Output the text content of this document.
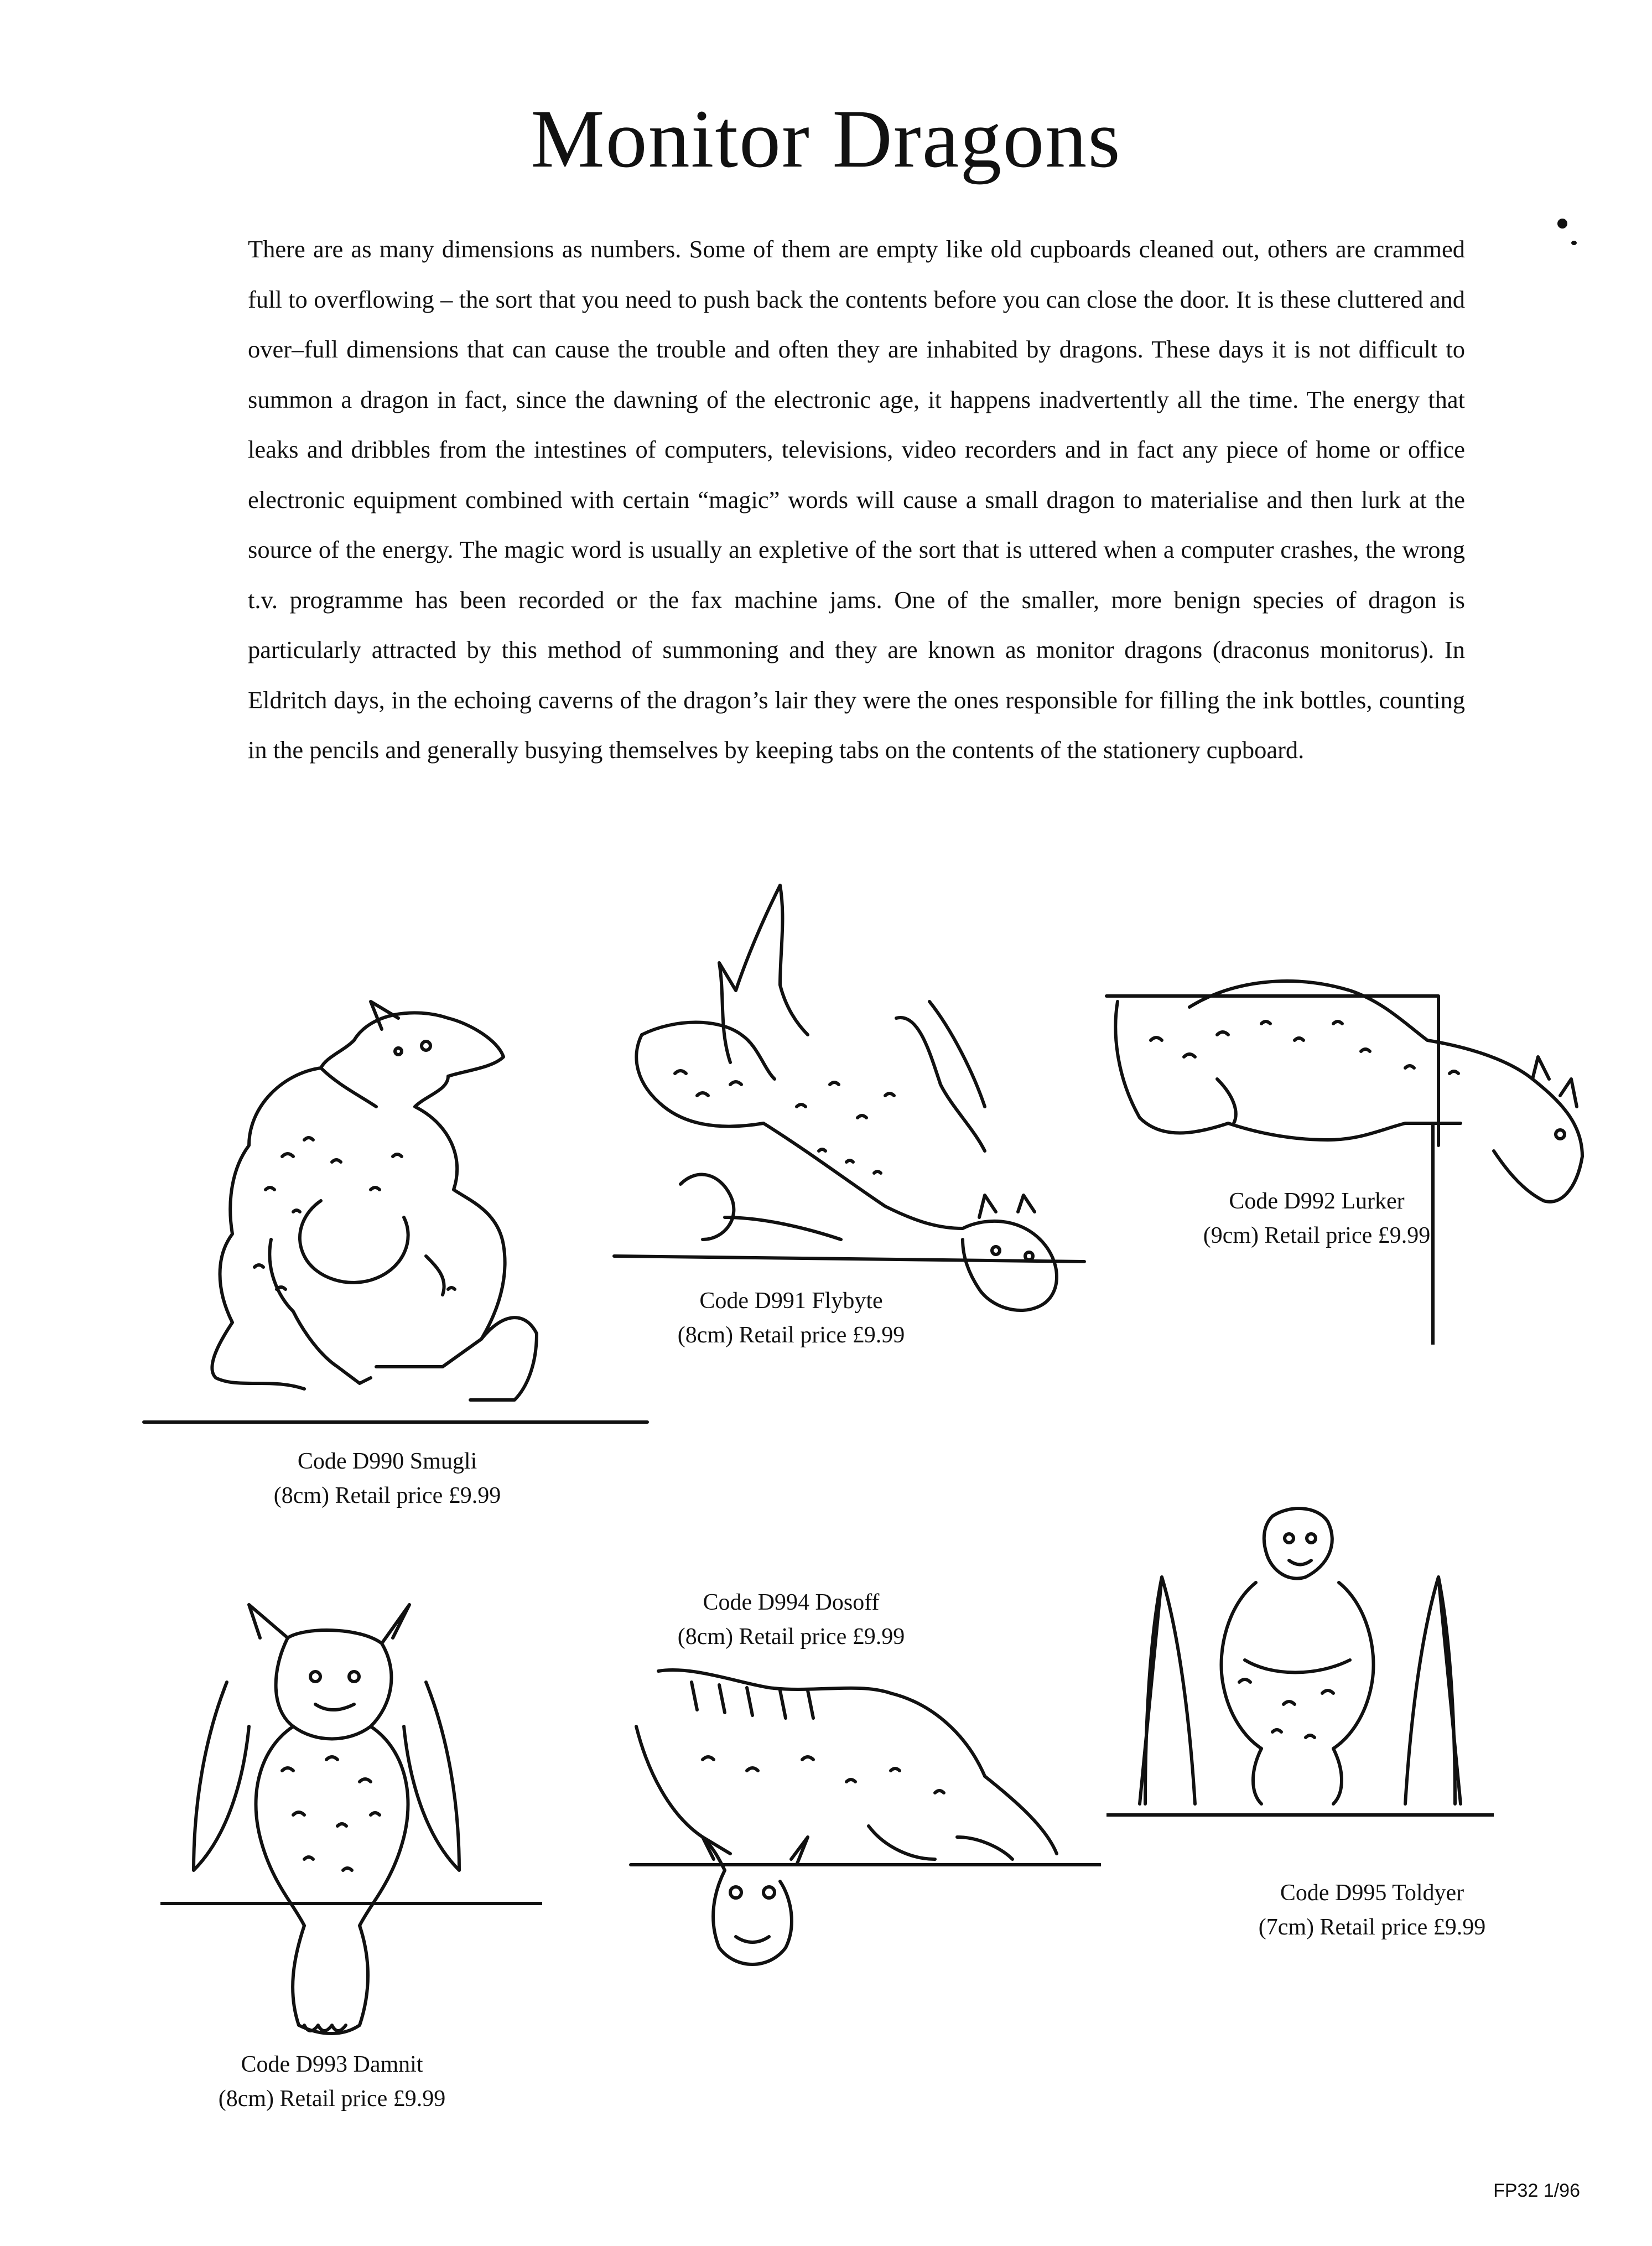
Monitor Dragons
There are as many dimensions as numbers. Some of them are empty like old cupboards cleaned out, others are crammed full to overflowing – the sort that you need to push back the contents before you can close the door. It is these cluttered and over–full dimensions that can cause the trouble and often they are inhabited by dragons. These days it is not difficult to summon a dragon in fact, since the dawning of the electronic age, it happens inadvertently all the time. The energy that leaks and dribbles from the intestines of computers, televisions, video recorders and in fact any piece of home or office electronic equipment combined with certain “magic” words will cause a small dragon to materialise and then lurk at the source of the energy. The magic word is usually an expletive of the sort that is uttered when a computer crashes, the wrong t.v. programme has been recorded or the fax machine jams. One of the smaller, more benign species of dragon is particularly attracted by this method of summoning and they are known as monitor dragons (draconus monitorus). In Eldritch days, in the echoing caverns of the dragon’s lair they were the ones responsible for filling the ink bottles, counting in the pencils and generally busying themselves by keeping tabs on the contents of the stationery cupboard.
Code D990 Smugli
(8cm) Retail price £9.99
Code D991 Flybyte
(8cm) Retail price £9.99
Code D992 Lurker
(9cm) Retail price £9.99
Code D993 Damnit
(8cm) Retail price £9.99
Code D994 Dosoff
(8cm) Retail price £9.99
Code D995 Toldyer
(7cm) Retail price £9.99
FP32 1/96
